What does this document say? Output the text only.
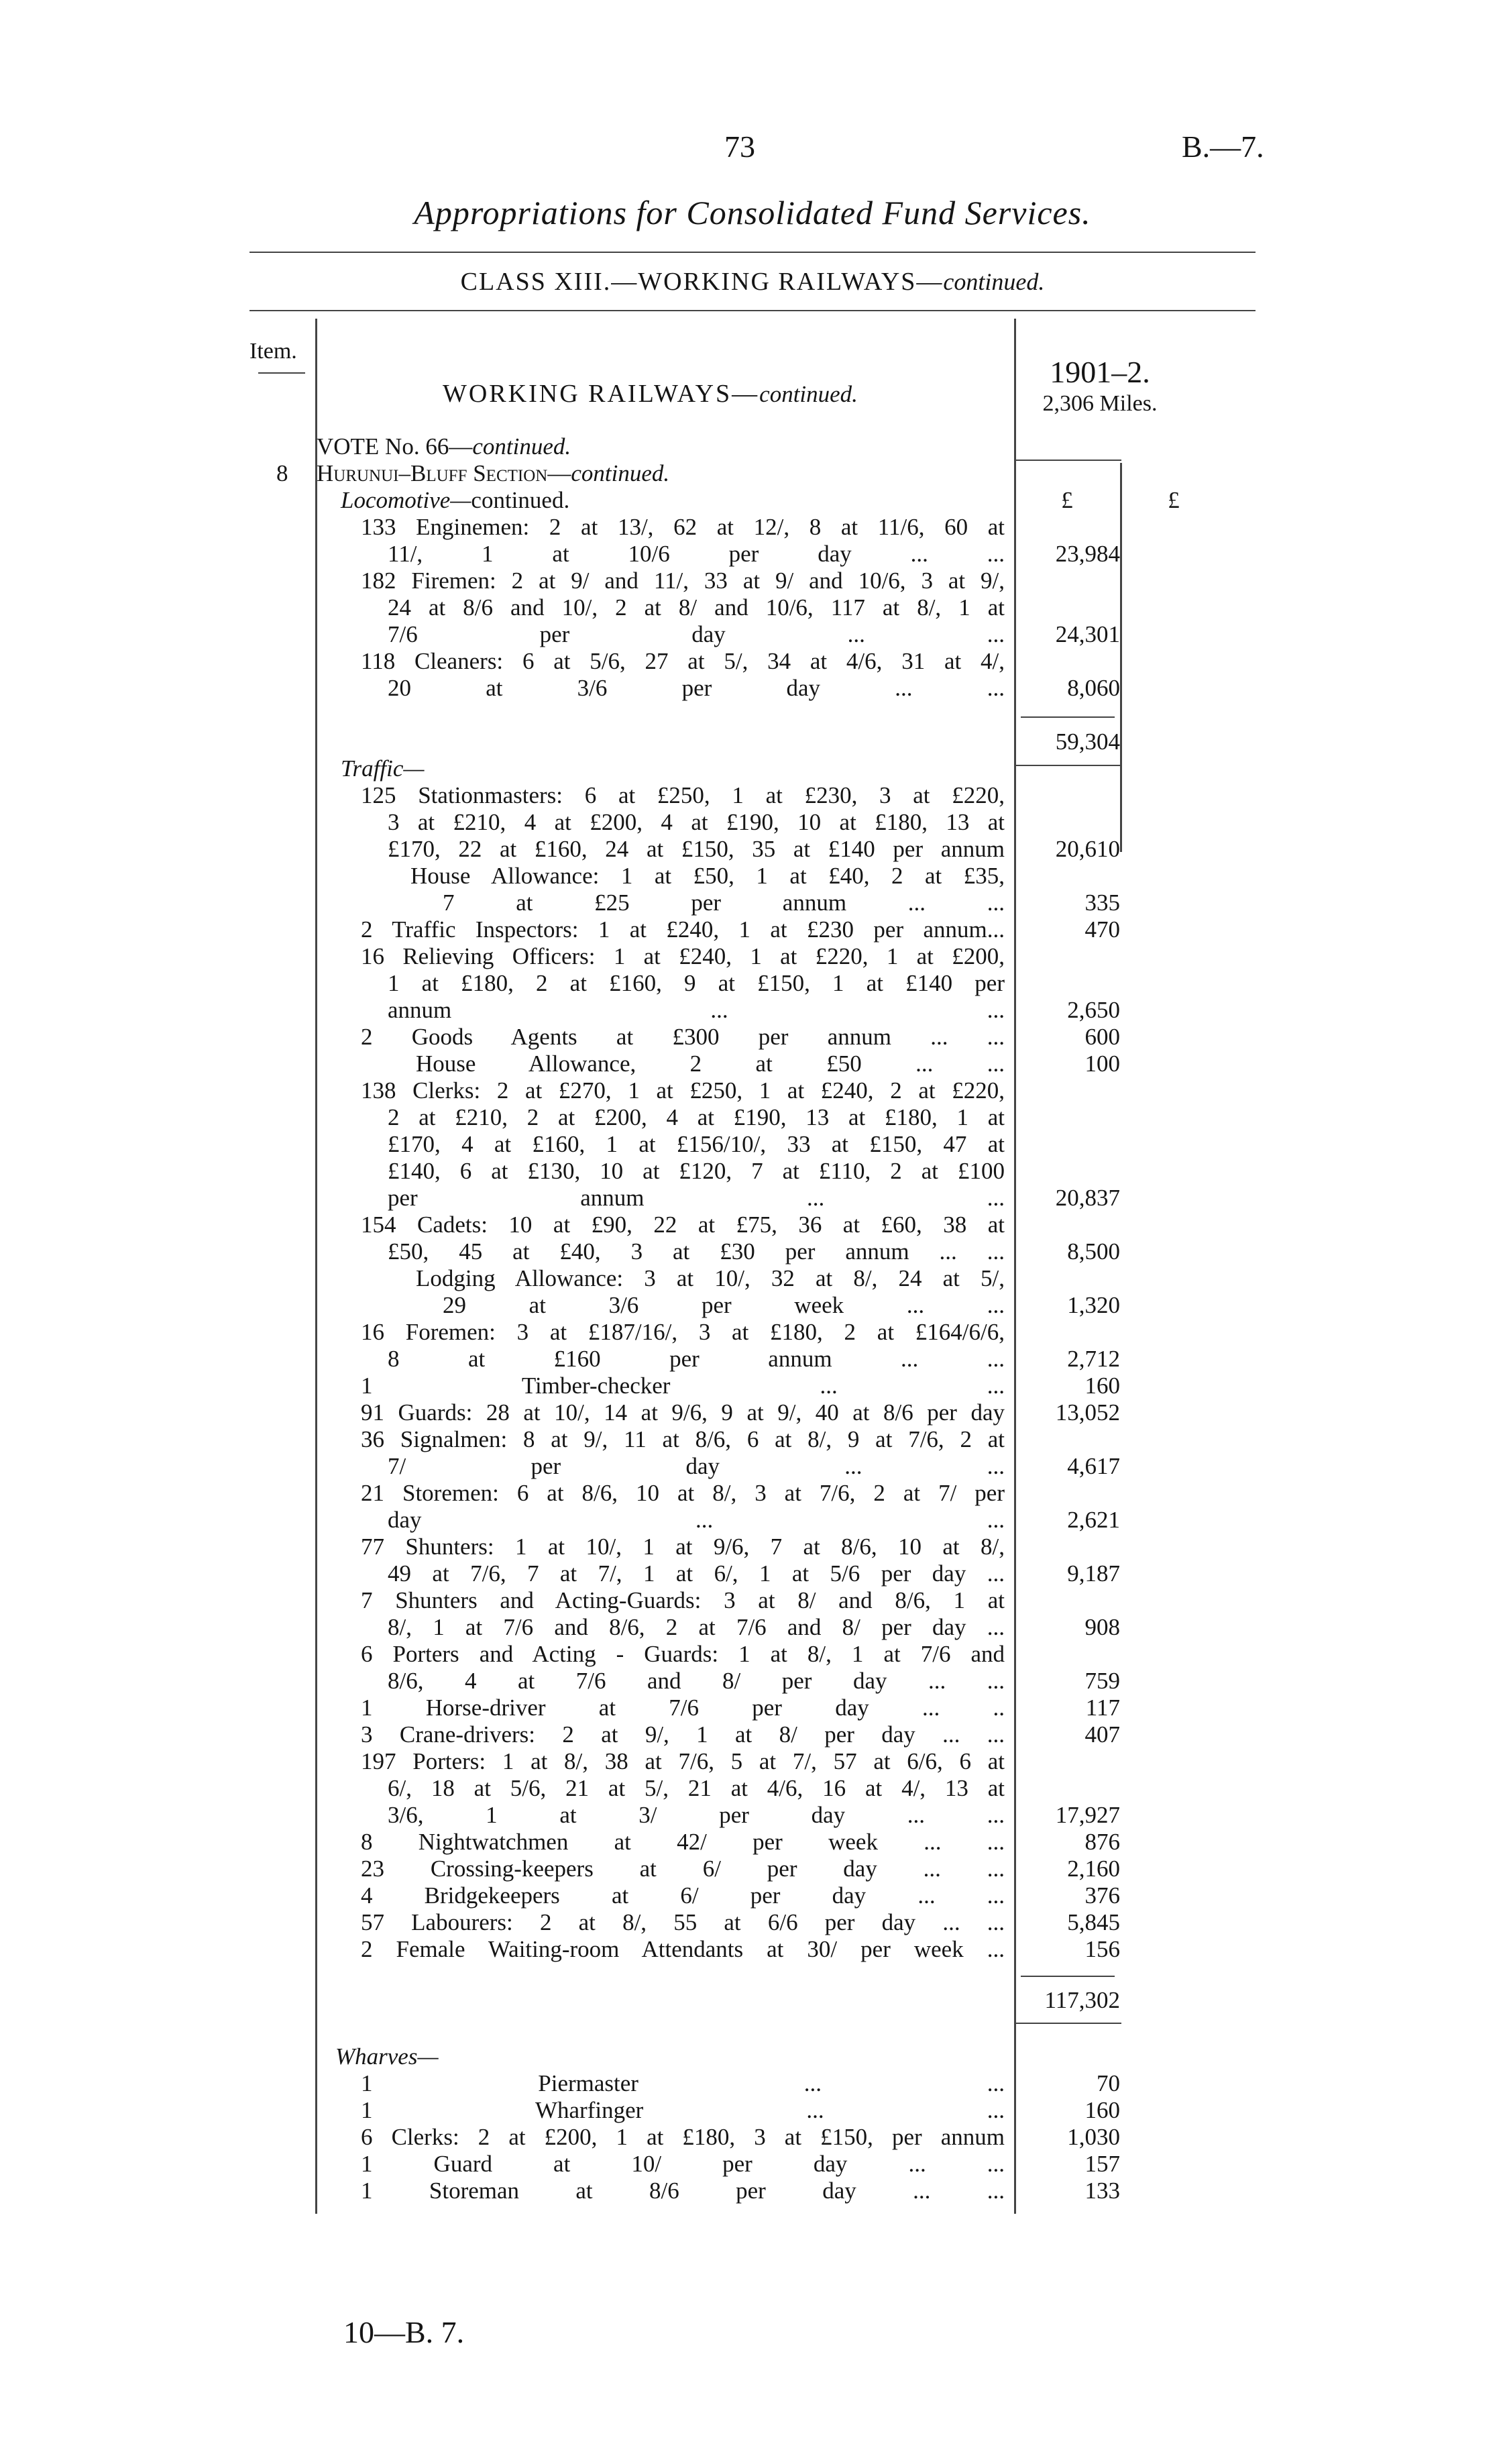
73	B.—7.
Appropriations for Consolidated Fund Services.
CLASS XIII.—WORKING RAILWAYS—continued.
Item.
WORKING RAILWAYS—continued.
1901–2.
2,306 Miles.
VOTE No. 66—continued.
8 Hurunui–Bluff Section—continued.
Locomotive—continued.	£	£
133 Enginemen: 2 at 13/, 62 at 12/, 8 at 11/6, 60 at
11/, 1 at 10/6 per day ... ...	23,984
182 Firemen: 2 at 9/ and 11/, 33 at 9/ and 10/6, 3 at 9/,
24 at 8/6 and 10/, 2 at 8/ and 10/6, 117 at 8/, 1 at
7/6 per day ... ...	24,301
118 Cleaners: 6 at 5/6, 27 at 5/, 34 at 4/6, 31 at 4/,
20 at 3/6 per day ... ...	8,060
59,304
Traffic—
125 Stationmasters: 6 at £250, 1 at £230, 3 at £220,
3 at £210, 4 at £200, 4 at £190, 10 at £180, 13 at
£170, 22 at £160, 24 at £150, 35 at £140 per annum	20,610
House Allowance: 1 at £50, 1 at £40, 2 at £35,
7 at £25 per annum ... ...	335
2 Traffic Inspectors: 1 at £240, 1 at £230 per annum...	470
16 Relieving Officers: 1 at £240, 1 at £220, 1 at £200,
1 at £180, 2 at £160, 9 at £150, 1 at £140 per
annum ... ...	2,650
2 Goods Agents at £300 per annum ... ...	600
House Allowance, 2 at £50 ... ...	100
138 Clerks: 2 at £270, 1 at £250, 1 at £240, 2 at £220,
2 at £210, 2 at £200, 4 at £190, 13 at £180, 1 at
£170, 4 at £160, 1 at £156/10/, 33 at £150, 47 at
£140, 6 at £130, 10 at £120, 7 at £110, 2 at £100
per annum ... ...	20,837
154 Cadets: 10 at £90, 22 at £75, 36 at £60, 38 at
£50, 45 at £40, 3 at £30 per annum ... ...	8,500
Lodging Allowance: 3 at 10/, 32 at 8/, 24 at 5/,
29 at 3/6 per week ... ...	1,320
16 Foremen: 3 at £187/16/, 3 at £180, 2 at £164/6/6,
8 at £160 per annum ... ...	2,712
1 Timber-checker ... ...	160
91 Guards: 28 at 10/, 14 at 9/6, 9 at 9/, 40 at 8/6 per day	13,052
36 Signalmen: 8 at 9/, 11 at 8/6, 6 at 8/, 9 at 7/6, 2 at
7/ per day ... ...	4,617
21 Storemen: 6 at 8/6, 10 at 8/, 3 at 7/6, 2 at 7/ per
day ... ...	2,621
77 Shunters: 1 at 10/, 1 at 9/6, 7 at 8/6, 10 at 8/,
49 at 7/6, 7 at 7/, 1 at 6/, 1 at 5/6 per day ...	9,187
7 Shunters and Acting-Guards: 3 at 8/ and 8/6, 1 at
8/, 1 at 7/6 and 8/6, 2 at 7/6 and 8/ per day ...	908
6 Porters and Acting - Guards: 1 at 8/, 1 at 7/6 and
8/6, 4 at 7/6 and 8/ per day ... ...	759
1 Horse-driver at 7/6 per day ... ..	117
3 Crane-drivers: 2 at 9/, 1 at 8/ per day ... ...	407
197 Porters: 1 at 8/, 38 at 7/6, 5 at 7/, 57 at 6/6, 6 at
6/, 18 at 5/6, 21 at 5/, 21 at 4/6, 16 at 4/, 13 at
3/6, 1 at 3/ per day ... ...	17,927
8 Nightwatchmen at 42/ per week ... ...	876
23 Crossing-keepers at 6/ per day ... ...	2,160
4 Bridgekeepers at 6/ per day ... ...	376
57 Labourers: 2 at 8/, 55 at 6/6 per day ... ...	5,845
2 Female Waiting-room Attendants at 30/ per week ...	156
117,302
Wharves—
1 Piermaster ... ...	70
1 Wharfinger ... ...	160
6 Clerks: 2 at £200, 1 at £180, 3 at £150, per annum	1,030
1 Guard at 10/ per day ... ...	157
1 Storeman at 8/6 per day ... ...	133
10—B. 7.
